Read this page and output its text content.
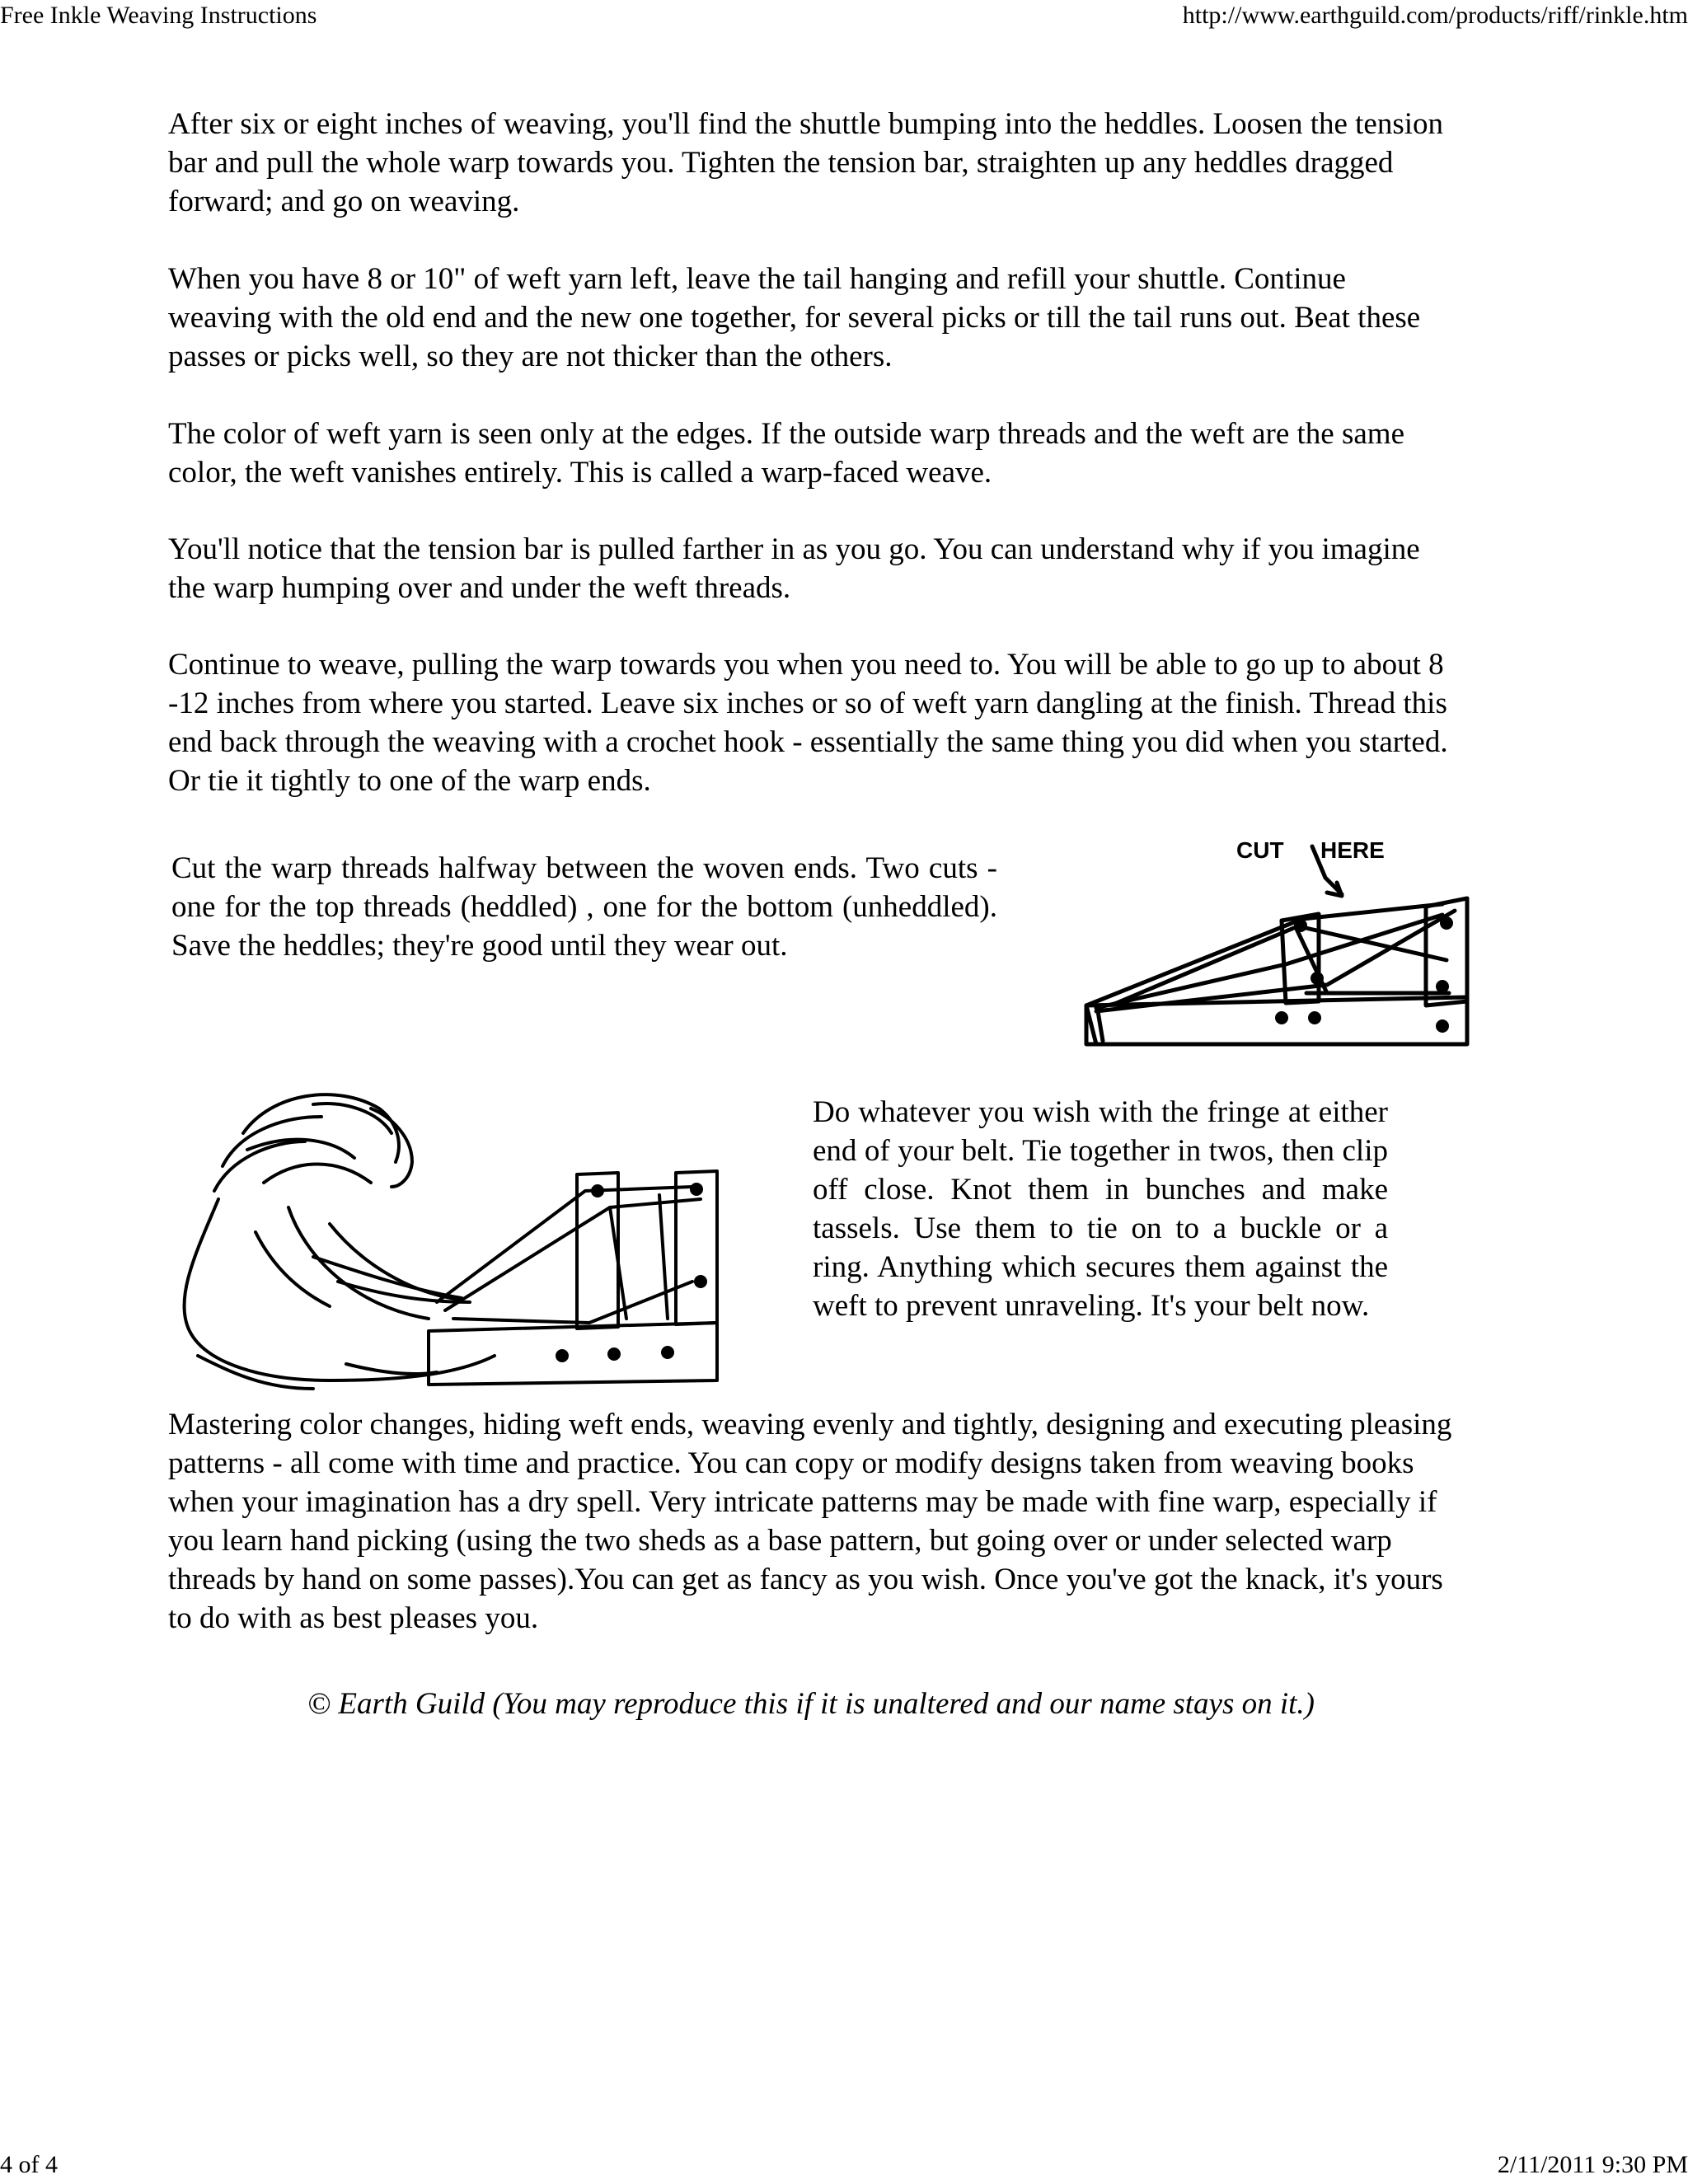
Free Inkle Weaving Instructions	http://www.earthguild.com/products/riff/rinkle.htm

After six or eight inches of weaving, you'll find the shuttle bumping into the heddles. Loosen the tension bar and pull the whole warp towards you. Tighten the tension bar, straighten up any heddles dragged forward; and go on weaving.

When you have 8 or 10" of weft yarn left, leave the tail hanging and refill your shuttle. Continue weaving with the old end and the new one together, for several picks or till the tail runs out. Beat these passes or picks well, so they are not thicker than the others.

The color of weft yarn is seen only at the edges. If the outside warp threads and the weft are the same color, the weft vanishes entirely. This is called a warp-faced weave.

You'll notice that the tension bar is pulled farther in as you go. You can understand why if you imagine the warp humping over and under the weft threads.

Continue to weave, pulling the warp towards you when you need to. You will be able to go up to about 8 -12 inches from where you started. Leave six inches or so of weft yarn dangling at the finish. Thread this end back through the weaving with a crochet hook - essentially the same thing you did when you started. Or tie it tightly to one of the warp ends.

Cut the warp threads halfway between the woven ends. Two cuts - one for the top threads (heddled) , one for the bottom (unheddled). Save the heddles; they're good until they wear out.

CUT HERE

Do whatever you wish with the fringe at either end of your belt. Tie together in twos, then clip off close. Knot them in bunches and make tassels. Use them to tie on to a buckle or a ring. Anything which secures them against the weft to prevent unraveling. It's your belt now.

Mastering color changes, hiding weft ends, weaving evenly and tightly, designing and executing pleasing patterns - all come with time and practice. You can copy or modify designs taken from weaving books when your imagination has a dry spell. Very intricate patterns may be made with fine warp, especially if you learn hand picking (using the two sheds as a base pattern, but going over or under selected warp threads by hand on some passes).You can get as fancy as you wish. Once you've got the knack, it's yours to do with as best pleases you.

© Earth Guild (You may reproduce this if it is unaltered and our name stays on it.)

4 of 4	2/11/2011 9:30 PM
